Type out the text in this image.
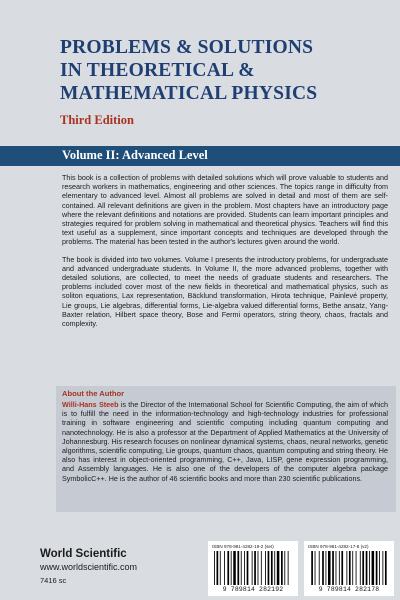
PROBLEMS & SOLUTIONS
IN THEORETICAL &
MATHEMATICAL PHYSICS
Third Edition
Volume II: Advanced Level

This book is a collection of problems with detailed solutions which will prove valuable to students and research workers in mathematics, engineering and other sciences. The topics range in difficulty from elementary to advanced level. Almost all problems are solved in detail and most of them are self-contained. All relevant definitions are given in the problem. Most chapters have an introductory page where the relevant definitions and notations are provided. Students can learn important principles and strategies required for problem solving in mathematical and theoretical physics. Teachers will find this text useful as a supplement, since important concepts and techniques are developed through the problems. The material has been tested in the author's lectures given around the world.

The book is divided into two volumes. Volume I presents the introductory problems, for undergraduate and advanced undergraduate students. In Volume II, the more advanced problems, together with detailed solutions, are collected, to meet the needs of graduate students and researchers. The problems included cover most of the new fields in theoretical and mathematical physics, such as soliton equations, Lax representation, Bäcklund transformation, Hirota technique, Painlevé property, Lie groups, Lie algebras, differential forms, Lie-algebra valued differential forms, Bethe ansatz, Yang-Baxter relation, Hilbert space theory, Bose and Fermi operators, string theory, chaos, fractals and complexity.

About the Author

Willi-Hans Steeb is the Director of the International School for Scientific Computing, the aim of which is to fulfill the need in the information-technology and high-technology industries for professional training in software engineering and scientific computing including quantum computing and nanotechnology. He is also a professor at the Department of Applied Mathematics at the University of Johannesburg. His research focuses on nonlinear dynamical systems, chaos, neural networks, genetic algorithms, scientific computing, Lie groups, quantum chaos, quantum computing and string theory. He also has interest in object-oriented programming, C++, Java, LISP, gene expression programming, and Assembly languages. He is also one of the developers of the computer algebra package SymbolicC++. He is the author of 46 scientific books and more than 230 scientific publications.

World Scientific
www.worldscientific.com
7416 sc
ISBN 978-981-4282-19-2 (set)
9 789814 282192
ISBN 978-981-4282-17-8 (v2)
9 789814 282178
